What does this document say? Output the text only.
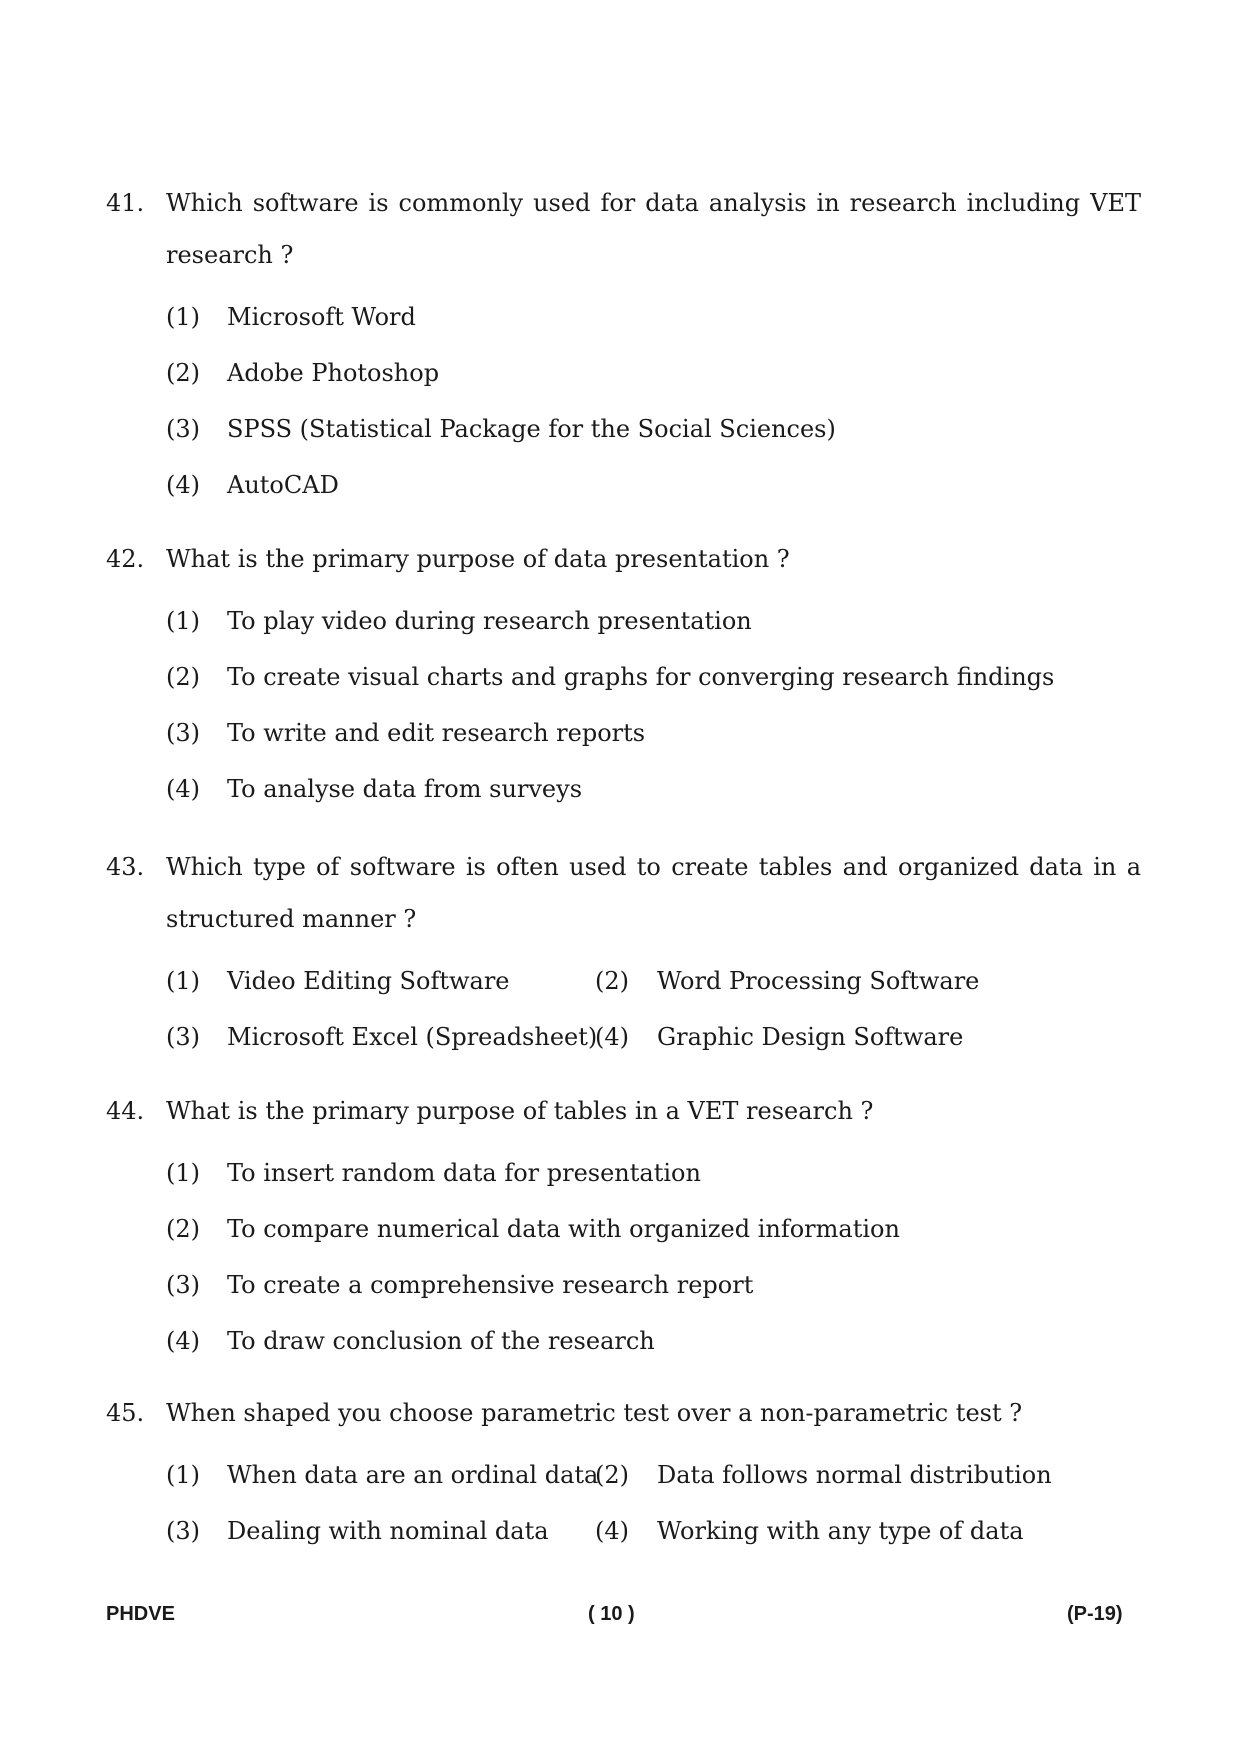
41. Which software is commonly used for data analysis in research including VET
research ?
(1) Microsoft Word
(2) Adobe Photoshop
(3) SPSS (Statistical Package for the Social Sciences)
(4) AutoCAD
42. What is the primary purpose of data presentation ?
(1) To play video during research presentation
(2) To create visual charts and graphs for converging research findings
(3) To write and edit research reports
(4) To analyse data from surveys
43. Which type of software is often used to create tables and organized data in a
structured manner ?
(1) Video Editing Software	(2) Word Processing Software
(3) Microsoft Excel (Spreadsheet)
(4) Graphic Design Software
44. What is the primary purpose of tables in a VET research ?
(1) To insert random data for presentation
(2) To compare numerical data with organized information
(3) To create a comprehensive research report
(4) To draw conclusion of the research
45. When shaped you choose parametric test over a non-parametric test ?
(1) When data are an ordinal data
(2) Data follows normal distribution
(3) Dealing with nominal data (4) Working with any type of data
PHDVE	( 10 )	(P-19)
